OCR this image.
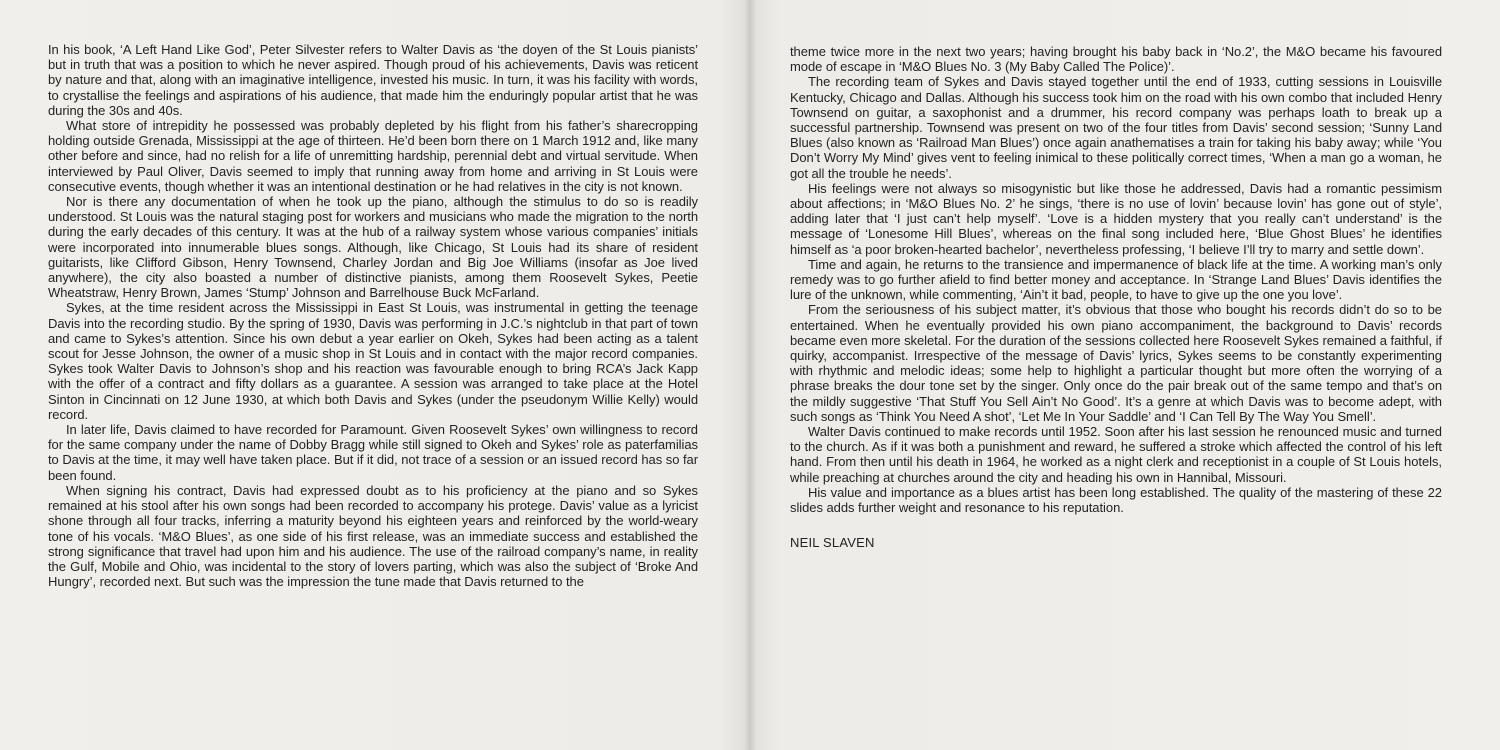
In his book, ‘A Left Hand Like God’, Peter Silvester refers to Walter Davis as ‘the doyen of the St Louis pianists’ but in truth that was a position to which he never aspired. Though proud of his achievements, Davis was reticent by nature and that, along with an imaginative intelligence, invested his music. In turn, it was his facility with words, to crystallise the feelings and aspirations of his audience, that made him the enduringly popular artist that he was during the 30s and 40s.

What store of intrepidity he possessed was probably depleted by his flight from his father’s sharecropping holding outside Grenada, Mississippi at the age of thirteen. He’d been born there on 1 March 1912 and, like many other before and since, had no relish for a life of unremitting hardship, perennial debt and virtual servitude. When interviewed by Paul Oliver, Davis seemed to imply that running away from home and arriving in St Louis were consecutive events, though whether it was an intentional destination or he had relatives in the city is not known.

Nor is there any documentation of when he took up the piano, although the stimulus to do so is readily understood. St Louis was the natural staging post for workers and musicians who made the migration to the north during the early decades of this century. It was at the hub of a railway system whose various companies’ initials were incorporated into innumerable blues songs. Although, like Chicago, St Louis had its share of resident guitarists, like Clifford Gibson, Henry Townsend, Charley Jordan and Big Joe Williams (insofar as Joe lived anywhere), the city also boasted a number of distinctive pianists, among them Roosevelt Sykes, Peetie Wheatstraw, Henry Brown, James ‘Stump’ Johnson and Barrelhouse Buck McFarland.

Sykes, at the time resident across the Mississippi in East St Louis, was instrumental in getting the teenage Davis into the recording studio. By the spring of 1930, Davis was performing in J.C.’s nightclub in that part of town and came to Sykes’s attention. Since his own debut a year earlier on Okeh, Sykes had been acting as a talent scout for Jesse Johnson, the owner of a music shop in St Louis and in contact with the major record companies. Sykes took Walter Davis to Johnson’s shop and his reaction was favourable enough to bring RCA’s Jack Kapp with the offer of a contract and fifty dollars as a guarantee. A session was arranged to take place at the Hotel Sinton in Cincinnati on 12 June 1930, at which both Davis and Sykes (under the pseudonym Willie Kelly) would record.

In later life, Davis claimed to have recorded for Paramount. Given Roosevelt Sykes’ own willingness to record for the same company under the name of Dobby Bragg while still signed to Okeh and Sykes’ role as paterfamilias to Davis at the time, it may well have taken place. But if it did, not trace of a session or an issued record has so far been found.

When signing his contract, Davis had expressed doubt as to his proficiency at the piano and so Sykes remained at his stool after his own songs had been recorded to accompany his protege. Davis’ value as a lyricist shone through all four tracks, inferring a maturity beyond his eighteen years and reinforced by the world-weary tone of his vocals. ‘M&O Blues’, as one side of his first release, was an immediate success and established the strong significance that travel had upon him and his audience. The use of the railroad company’s name, in reality the Gulf, Mobile and Ohio, was incidental to the story of lovers parting, which was also the subject of ‘Broke And Hungry’, recorded next. But such was the impression the tune made that Davis returned to the

theme twice more in the next two years; having brought his baby back in ‘No.2’, the M&O became his favoured mode of escape in ‘M&O Blues No. 3 (My Baby Called The Police)’.

The recording team of Sykes and Davis stayed together until the end of 1933, cutting sessions in Louisville Kentucky, Chicago and Dallas. Although his success took him on the road with his own combo that included Henry Townsend on guitar, a saxophonist and a drummer, his record company was perhaps loath to break up a successful partnership. Townsend was present on two of the four titles from Davis’ second session; ‘Sunny Land Blues (also known as ‘Railroad Man Blues’) once again anathematises a train for taking his baby away; while ‘You Don’t Worry My Mind’ gives vent to feeling inimical to these politically correct times, ‘When a man go a woman, he got all the trouble he needs’.

His feelings were not always so misogynistic but like those he addressed, Davis had a romantic pessimism about affections; in ‘M&O Blues No. 2’ he sings, ‘there is no use of lovin’ because lovin’ has gone out of style’, adding later that ‘I just can’t help myself’. ‘Love is a hidden mystery that you really can’t understand’ is the message of ‘Lonesome Hill Blues’, whereas on the final song included here, ‘Blue Ghost Blues’ he identifies himself as ‘a poor broken-hearted bachelor’, nevertheless professing, ‘I believe I’ll try to marry and settle down’.

Time and again, he returns to the transience and impermanence of black life at the time. A working man’s only remedy was to go further afield to find better money and acceptance. In ‘Strange Land Blues’ Davis identifies the lure of the unknown, while commenting, ‘Ain’t it bad, people, to have to give up the one you love’.

From the seriousness of his subject matter, it’s obvious that those who bought his records didn’t do so to be entertained. When he eventually provided his own piano accompaniment, the background to Davis’ records became even more skeletal. For the duration of the sessions collected here Roosevelt Sykes remained a faithful, if quirky, accompanist. Irrespective of the message of Davis’ lyrics, Sykes seems to be constantly experimenting with rhythmic and melodic ideas; some help to highlight a particular thought but more often the worrying of a phrase breaks the dour tone set by the singer. Only once do the pair break out of the same tempo and that’s on the mildly suggestive ‘That Stuff You Sell Ain’t No Good’. It’s a genre at which Davis was to become adept, with such songs as ‘Think You Need A shot’, ‘Let Me In Your Saddle’ and ‘I Can Tell By The Way You Smell’.

Walter Davis continued to make records until 1952. Soon after his last session he renounced music and turned to the church. As if it was both a punishment and reward, he suffered a stroke which affected the control of his left hand. From then until his death in 1964, he worked as a night clerk and receptionist in a couple of St Louis hotels, while preaching at churches around the city and heading his own in Hannibal, Missouri.

His value and importance as a blues artist has been long established. The quality of the mastering of these 22 slides adds further weight and resonance to his reputation.

NEIL SLAVEN
